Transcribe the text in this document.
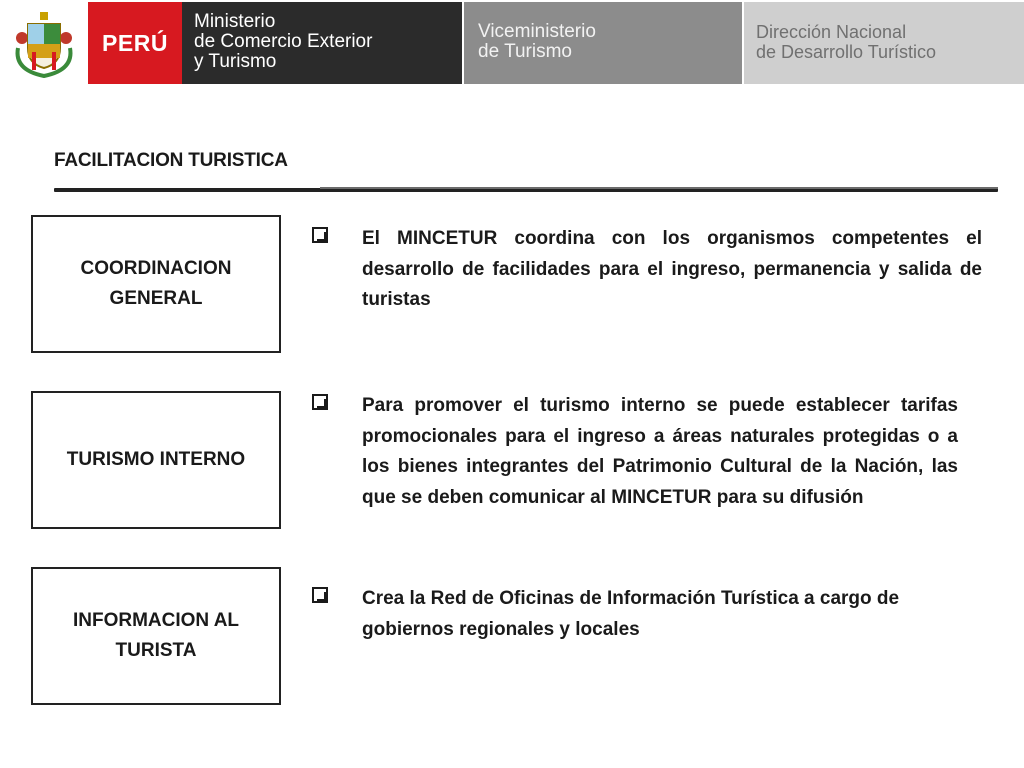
PERÚ
Ministerio
de Comercio Exterior
y Turismo
Viceministerio
de Turismo
Dirección Nacional
de Desarrollo Turístico
FACILITACION TURISTICA
COORDINACION GENERAL
TURISMO INTERNO
INFORMACION AL TURISTA
El MINCETUR coordina con los organismos competentes el desarrollo de facilidades para el ingreso, permanencia y salida de turistas
Para promover el turismo interno se puede establecer tarifas promocionales para el ingreso a áreas naturales protegidas o a los bienes integrantes del Patrimonio Cultural de la Nación, las que se deben comunicar al MINCETUR para su difusión
Crea la Red de Oficinas de Información Turística a cargo de gobiernos regionales y locales
